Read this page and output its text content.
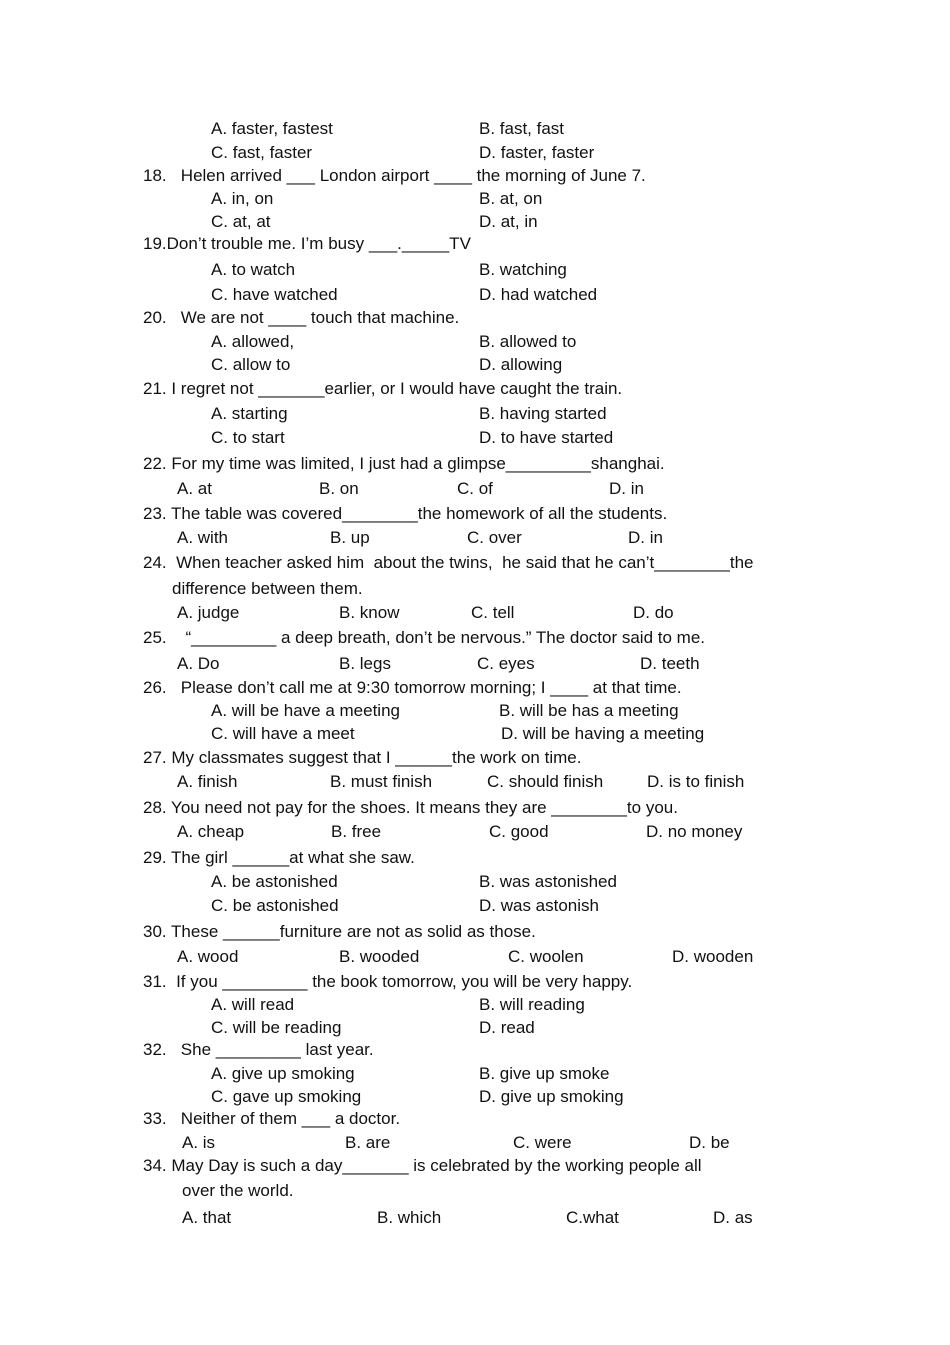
A. faster, fastest	B. fast, fast
C. fast, faster	D. faster, faster
18.   Helen arrived ___ London airport ____ the morning of June 7.
A. in, on	B. at, on
C. at, at	D. at, in
19.Don’t trouble me. I’m busy ___._____TV
A. to watch	B. watching
C. have watched	D. had watched
20.   We are not ____ touch that machine.
A. allowed,	B. allowed to
C. allow to	D. allowing
21. I regret not _______earlier, or I would have caught the train.
A. starting	B. having started
C. to start	D. to have started
22. For my time was limited, I just had a glimpse_________shanghai.
A. at	B. on	C. of	D. in
23. The table was covered________the homework of all the students.
A. with	B. up	C. over	D. in
24.  When teacher asked him  about the twins,  he said that he can’t________the
difference between them.
A. judge	B. know	C. tell	D. do
25.    “_________ a deep breath, don’t be nervous.” The doctor said to me.
A. Do	B. legs	C. eyes	D. teeth
26.   Please don’t call me at 9:30 tomorrow morning; I ____ at that time.
A. will be have a meeting	B. will be has a meeting
C. will have a meet	D. will be having a meeting
27. My classmates suggest that I ______the work on time.
A. finish	B. must finish	C. should finish	D. is to finish
28. You need not pay for the shoes. It means they are ________to you.
A. cheap	B. free	C. good	D. no money
29. The girl ______at what she saw.
A. be astonished	B. was astonished
C. be astonished	D. was astonish
30. These ______furniture are not as solid as those.
A. wood	B. wooded	C. woolen	D. wooden
31.  If you _________ the book tomorrow, you will be very happy.
A. will read	B. will reading
C. will be reading	D. read
32.   She _________ last year.
A. give up smoking	B. give up smoke
C. gave up smoking	D. give up smoking
33.   Neither of them ___ a doctor.
A. is	B. are	C. were	D. be
34. May Day is such a day_______ is celebrated by the working people all
over the world.
A. that	B. which	C.what	D. as
